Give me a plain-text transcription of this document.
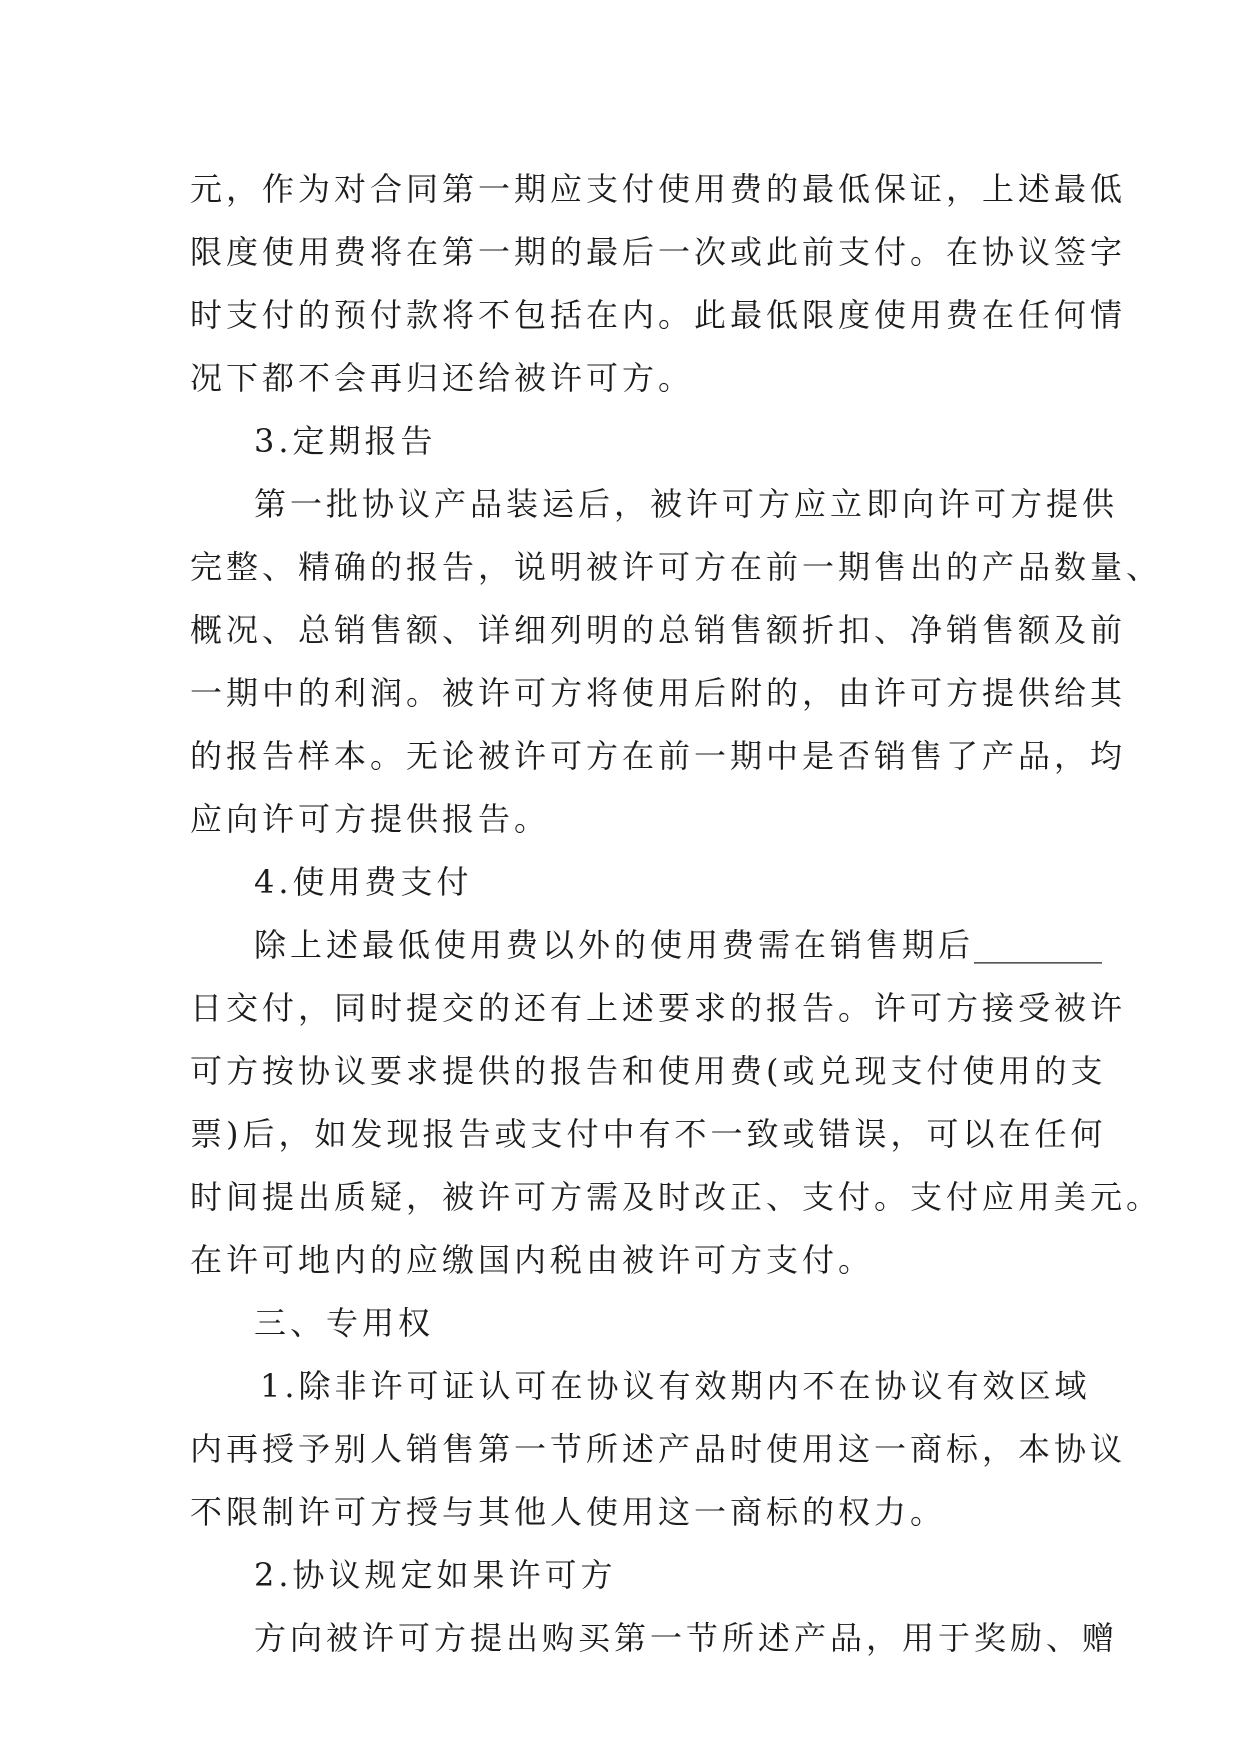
元，作为对合同第一期应支付使用费的最低保证，上述最低
限度使用费将在第一期的最后一次或此前支付。在协议签字
时支付的预付款将不包括在内。此最低限度使用费在任何情
况下都不会再归还给被许可方。
3.定期报告
第一批协议产品装运后，被许可方应立即向许可方提供
完整、精确的报告，说明被许可方在前一期售出的产品数量、
概况、总销售额、详细列明的总销售额折扣、净销售额及前
一期中的利润。被许可方将使用后附的，由许可方提供给其
的报告样本。无论被许可方在前一期中是否销售了产品，均
应向许可方提供报告。
4.使用费支付
除上述最低使用费以外的使用费需在销售期后________
日交付，同时提交的还有上述要求的报告。许可方接受被许
可方按协议要求提供的报告和使用费(或兑现支付使用的支
票)后，如发现报告或支付中有不一致或错误，可以在任何
时间提出质疑，被许可方需及时改正、支付。支付应用美元。
在许可地内的应缴国内税由被许可方支付。
三、专用权
1.除非许可证认可在协议有效期内不在协议有效区域
内再授予别人销售第一节所述产品时使用这一商标，本协议
不限制许可方授与其他人使用这一商标的权力。
2.协议规定如果许可方
方向被许可方提出购买第一节所述产品，用于奖励、赠
